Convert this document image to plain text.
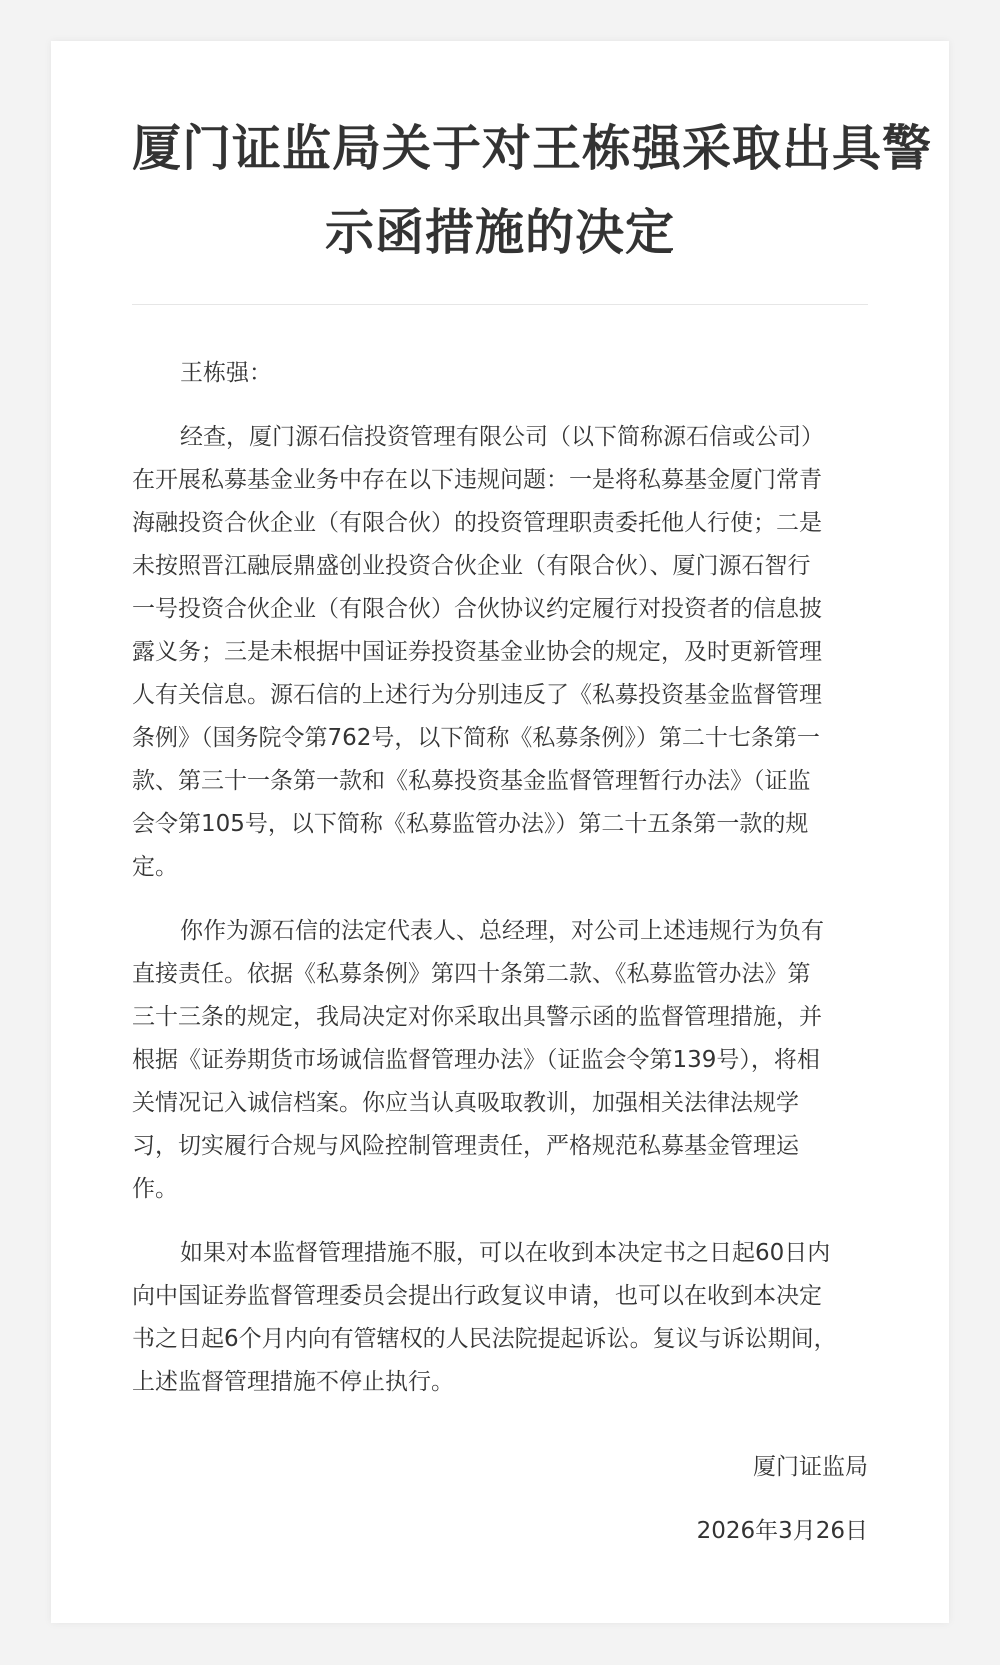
厦门证监局关于对王栋强采取出具警
示函措施的决定

王栋强：

经查，厦门源石信投资管理有限公司（以下简称源石信或公司）
在开展私募基金业务中存在以下违规问题：一是将私募基金厦门常青
海融投资合伙企业（有限合伙）的投资管理职责委托他人行使；二是
未按照晋江融辰鼎盛创业投资合伙企业（有限合伙）、厦门源石智行
一号投资合伙企业（有限合伙）合伙协议约定履行对投资者的信息披
露义务；三是未根据中国证券投资基金业协会的规定，及时更新管理
人有关信息。源石信的上述行为分别违反了《私募投资基金监督管理
条例》（国务院令第762号，以下简称《私募条例》）第二十七条第一
款、第三十一条第一款和《私募投资基金监督管理暂行办法》（证监
会令第105号，以下简称《私募监管办法》）第二十五条第一款的规
定。

你作为源石信的法定代表人、总经理，对公司上述违规行为负有
直接责任。依据《私募条例》第四十条第二款、《私募监管办法》第
三十三条的规定，我局决定对你采取出具警示函的监督管理措施，并
根据《证券期货市场诚信监督管理办法》（证监会令第139号），将相
关情况记入诚信档案。你应当认真吸取教训，加强相关法律法规学
习，切实履行合规与风险控制管理责任，严格规范私募基金管理运
作。

如果对本监督管理措施不服，可以在收到本决定书之日起60日内
向中国证券监督管理委员会提出行政复议申请，也可以在收到本决定
书之日起6个月内向有管辖权的人民法院提起诉讼。复议与诉讼期间，
上述监督管理措施不停止执行。

厦门证监局
2026年3月26日
